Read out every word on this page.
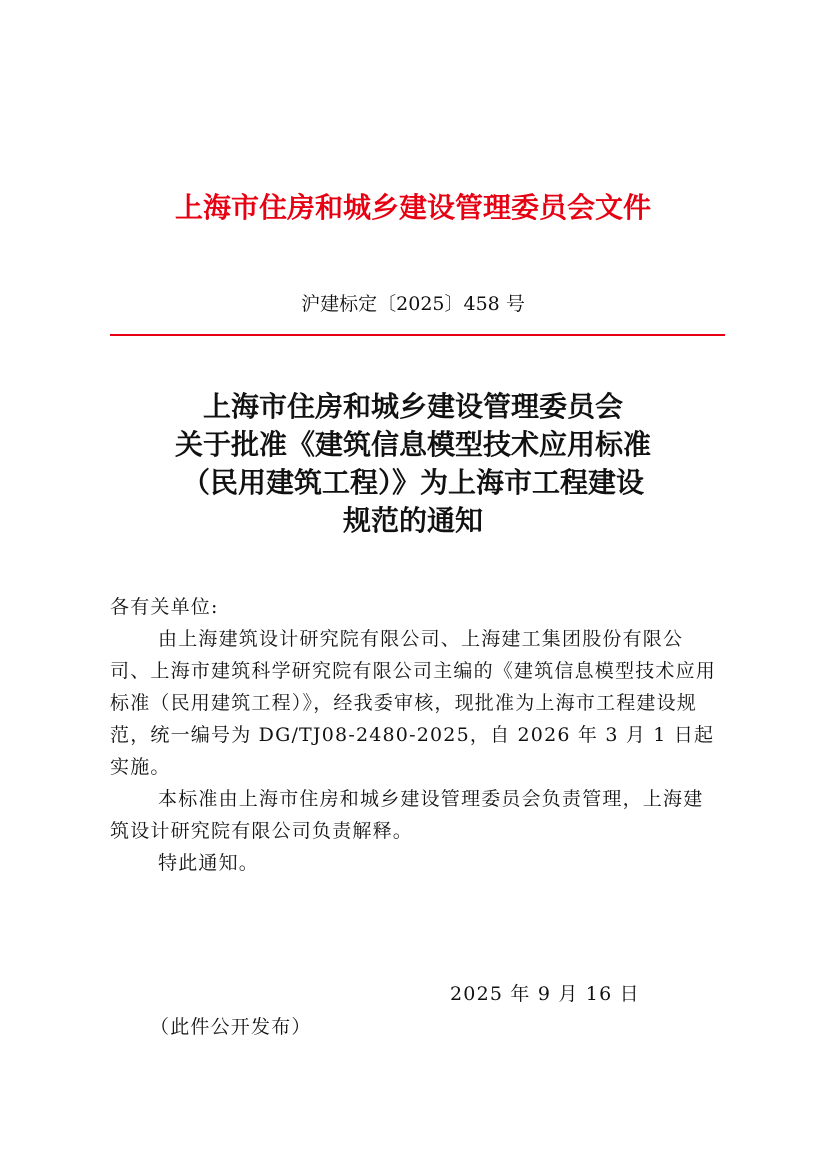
上海市住房和城乡建设管理委员会文件
沪建标定〔2025〕458 号
上海市住房和城乡建设管理委员会
关于批准《建筑信息模型技术应用标准
（民用建筑工程）》为上海市工程建设
规范的通知

各有关单位:

由上海建筑设计研究院有限公司、上海建工集团股份有限公司、上海市建筑科学研究院有限公司主编的《建筑信息模型技术应用标准（民用建筑工程）》，经我委审核，现批准为上海市工程建设规范，统一编号为 DG/TJ08-2480-2025，自 2026 年 3 月 1 日起实施。

本标准由上海市住房和城乡建设管理委员会负责管理，上海建筑设计研究院有限公司负责解释。

特此通知。

2025 年 9 月 16 日
（此件公开发布）
